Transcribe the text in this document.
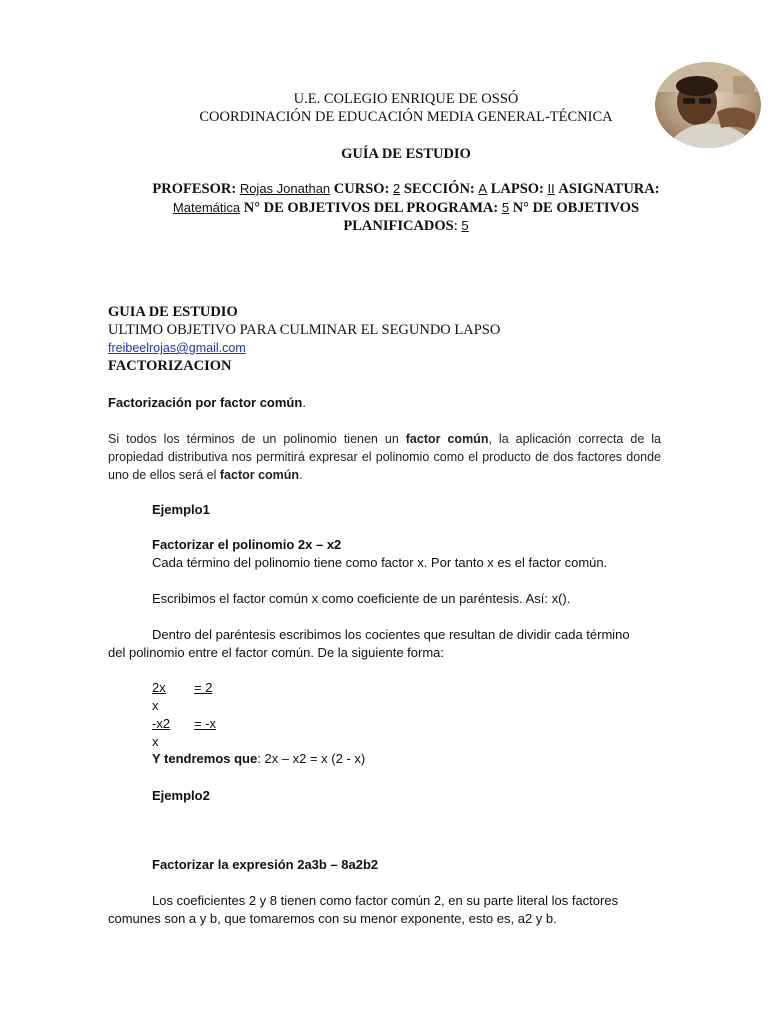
U.E. COLEGIO ENRIQUE DE OSSÓ
COORDINACIÓN DE EDUCACIÓN MEDIA GENERAL-TÉCNICA
GUÍA DE ESTUDIO
PROFESOR: Rojas Jonathan CURSO: 2 SECCIÓN: A LAPSO: II ASIGNATURA:
Matemática N° DE OBJETIVOS DEL PROGRAMA: 5 N° DE OBJETIVOS
PLANIFICADOS: 5
GUIA DE ESTUDIO
ULTIMO OBJETIVO PARA CULMINAR EL SEGUNDO LAPSO
freibeelrojas@gmail.com
FACTORIZACION
Factorización por factor común.
Si todos los términos de un polinomio tienen un factor común, la aplicación correcta de la propiedad distributiva nos permitirá expresar el polinomio como el producto de dos factores donde uno de ellos será el factor común.
Ejemplo1
Factorizar el polinomio 2x – x2
Cada término del polinomio tiene como factor x. Por tanto x es el factor común.
Escribimos el factor común x como coeficiente de un paréntesis. Así: x().
Dentro del paréntesis escribimos los cocientes que resultan de dividir cada término
del polinomio entre el factor común. De la siguiente forma:
2x = 2
x
-x2 = -x
x
Y tendremos que: 2x – x2 = x (2 - x)
Ejemplo2
Factorizar la expresión 2a3b – 8a2b2
Los coeficientes 2 y 8 tienen como factor común 2, en su parte literal los factores
comunes son a y b, que tomaremos con su menor exponente, esto es, a2 y b.
